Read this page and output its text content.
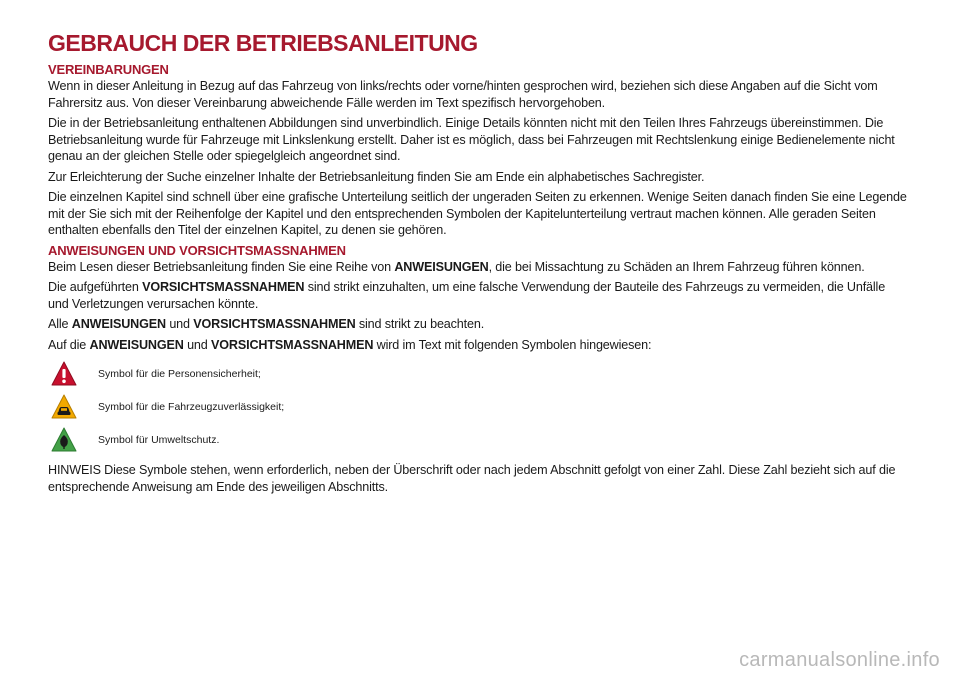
GEBRAUCH DER BETRIEBSANLEITUNG
VEREINBARUNGEN

Wenn in dieser Anleitung in Bezug auf das Fahrzeug von links/rechts oder vorne/hinten gesprochen wird, beziehen sich diese Angaben auf die Sicht vom Fahrersitz aus. Von dieser Vereinbarung abweichende Fälle werden im Text spezifisch hervorgehoben.

Die in der Betriebsanleitung enthaltenen Abbildungen sind unverbindlich. Einige Details könnten nicht mit den Teilen Ihres Fahrzeugs übereinstimmen. Die Betriebsanleitung wurde für Fahrzeuge mit Linkslenkung erstellt. Daher ist es möglich, dass bei Fahrzeugen mit Rechtslenkung einige Bedienelemente nicht genau an der gleichen Stelle oder spiegelgleich angeordnet sind.

Zur Erleichterung der Suche einzelner Inhalte der Betriebsanleitung finden Sie am Ende ein alphabetisches Sachregister.

Die einzelnen Kapitel sind schnell über eine grafische Unterteilung seitlich der ungeraden Seiten zu erkennen. Wenige Seiten danach finden Sie eine Legende mit der Sie sich mit der Reihenfolge der Kapitel und den entsprechenden Symbolen der Kapitelunterteilung vertraut machen können. Alle geraden Seiten enthalten ebenfalls den Titel der einzelnen Kapitel, zu denen sie gehören.

ANWEISUNGEN UND VORSICHTSMASSNAHMEN

Beim Lesen dieser Betriebsanleitung finden Sie eine Reihe von ANWEISUNGEN, die bei Missachtung zu Schäden an Ihrem Fahrzeug führen können.

Die aufgeführten VORSICHTSMASSNAHMEN sind strikt einzuhalten, um eine falsche Verwendung der Bauteile des Fahrzeugs zu vermeiden, die Unfälle und Verletzungen verursachen könnte.

Alle ANWEISUNGEN und VORSICHTSMASSNAHMEN sind strikt zu beachten.

Auf die ANWEISUNGEN und VORSICHTSMASSNAHMEN wird im Text mit folgenden Symbolen hingewiesen:

Symbol für die Personensicherheit;
Symbol für die Fahrzeugzuverlässigkeit;
Symbol für Umweltschutz.

HINWEIS Diese Symbole stehen, wenn erforderlich, neben der Überschrift oder nach jedem Abschnitt gefolgt von einer Zahl. Diese Zahl bezieht sich auf die entsprechende Anweisung am Ende des jeweiligen Abschnitts.

carmanualsonline.info
